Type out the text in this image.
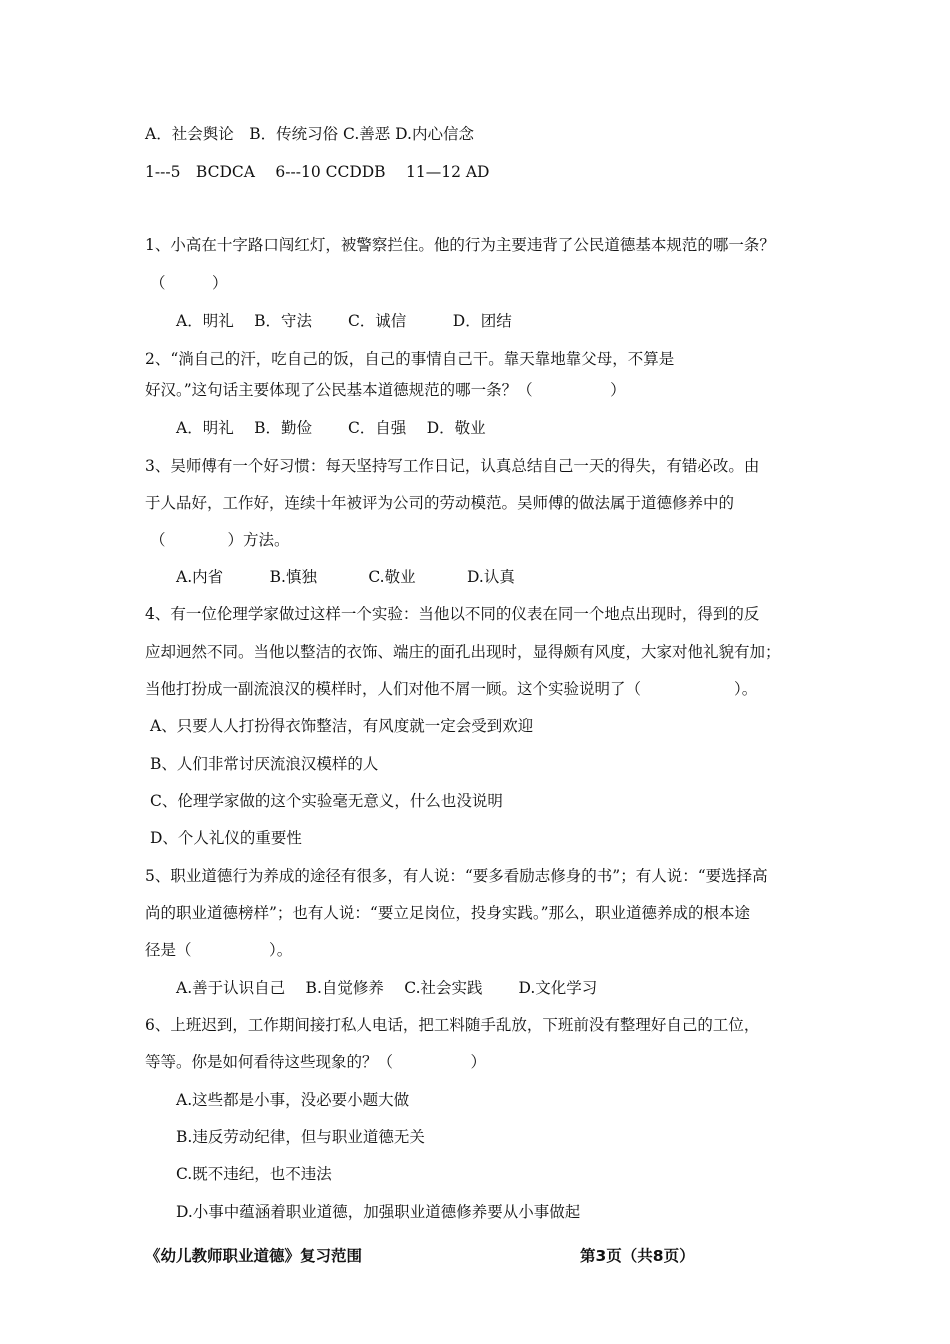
A．社会舆论　B．传统习俗 C.善恶 D.内心信念
1---5　BCDCA　 6---10 CCDDB　 11—12 AD
1、小高在十字路口闯红灯，被警察拦住。他的行为主要违背了公民道德基本规范的哪一条？
（　　　）
A．明礼　 B．守法　　 C．诚信　　　D．团结
2、“淌自己的汗，吃自己的饭，自己的事情自己干。靠天靠地靠父母，不算是
好汉。”这句话主要体现了公民基本道德规范的哪一条？（　　　　　）
A．明礼　 B．勤俭　　 C．自强　 D．敬业
3、吴师傅有一个好习惯：每天坚持写工作日记，认真总结自己一天的得失，有错必改。由
于人品好，工作好，连续十年被评为公司的劳动模范。吴师傅的做法属于道德修养中的
（　　　　）方法。
A.内省　　　B.慎独　　　 C.敬业　　　 D.认真
4、有一位伦理学家做过这样一个实验：当他以不同的仪表在同一个地点出现时，得到的反
应却迥然不同。当他以整洁的衣饰、端庄的面孔出现时，显得颇有风度，大家对他礼貌有加；
当他打扮成一副流浪汉的模样时，人们对他不屑一顾。这个实验说明了（　　　　　　）。
A、只要人人打扮得衣饰整洁，有风度就一定会受到欢迎
B、人们非常讨厌流浪汉模样的人
C、伦理学家做的这个实验毫无意义，什么也没说明
D、个人礼仪的重要性
5、职业道德行为养成的途径有很多，有人说：“要多看励志修身的书”；有人说：“要选择高
尚的职业道德榜样”；也有人说：“要立足岗位，投身实践。”那么，职业道德养成的根本途
径是（　　　　　）。
A.善于认识自己　 B.自觉修养　 C.社会实践　　 D.文化学习
6、上班迟到，工作期间接打私人电话，把工料随手乱放，下班前没有整理好自己的工位，
等等。你是如何看待这些现象的？（　　　　　）
A.这些都是小事，没必要小题大做
B.违反劳动纪律，但与职业道德无关
C.既不违纪，也不违法
D.小事中蕴涵着职业道德，加强职业道德修养要从小事做起
《幼儿教师职业道德》复习范围	第3页（共8页）
